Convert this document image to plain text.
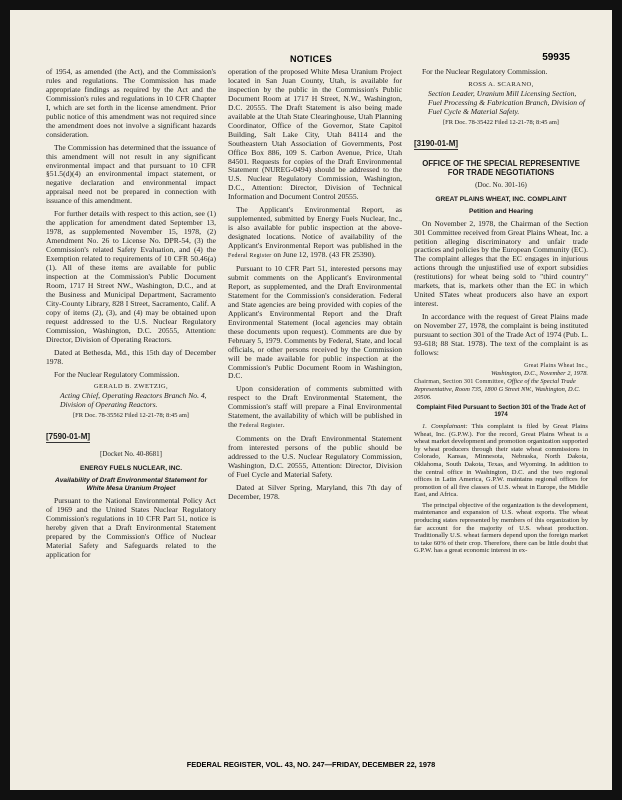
NOTICES	59935

of 1954, as amended (the Act), and the Commission's rules and regulations. The Commission has made appropriate findings as required by the Act and the Commission's rules and regulations in 10 CFR Chapter I, which are set forth in the license amendment. Prior public notice of this amendment was not required since the amendment does not involve a significant hazards consideration.

The Commission has determined that the issuance of this amendment will not result in any significant environmental impact and that pursuant to 10 CFR §51.5(d)(4) an environmental impact statement, or negative declaration and environmental impact appraisal need not be prepared in connection with issuance of this amendment.

For further details with respect to this action, see (1) the application for amendment dated September 13, 1978, as supplemented November 15, 1978, (2) Amendment No. 26 to License No. DPR-54, (3) the Commission's related Safety Evaluation, and (4) the Exemption related to requirements of 10 CFR 50.46(a)(1). All of these items are available for public inspection at the Commission's Public Document Room, 1717 H Street NW., Washington, D.C., and at the Business and Municipal Department, Sacramento City-County Library, 828 I Street, Sacramento, Calif. A copy of items (2), (3), and (4) may be obtained upon request addressed to the U.S. Nuclear Regulatory Commission, Washington, D.C. 20555, Attention: Director, Division of Operating Reactors.

Dated at Bethesda, Md., this 15th day of December 1978.

For the Nuclear Regulatory Commission.

GERALD B. ZWETZIG,
Acting Chief, Operating Reactors Branch No. 4, Division of Operating Reactors.
[FR Doc. 78-35562 Filed 12-21-78; 8:45 am]
[7590-01-M]
[Docket No. 40-8681]
ENERGY FUELS NUCLEAR, INC.
Availability of Draft Environmental Statement for White Mesa Uranium Project

Pursuant to the National Environmental Policy Act of 1969 and the United States Nuclear Regulatory Commission's regulations in 10 CFR Part 51, notice is hereby given that a Draft Environmental Statement prepared by the Commission's Office of Nuclear Material Safety and Safeguards related to the application for

operation of the proposed White Mesa Uranium Project located in San Juan County, Utah, is available for inspection by the public in the Commission's Public Document Room at 1717 H Street, N.W., Washington, D.C. 20555. The Draft Statement is also being made available at the Utah State Clearinghouse, Utah Planning Coordinator, Office of the Governor, State Capitol Building, Salt Lake City, Utah 84114 and the Southeastern Utah Association of Governments, Post Office Box 886, 109 S. Carbon Avenue, Price, Utah 84501. Requests for copies of the Draft Environmental Statement (NUREG-0494) should be addressed to the U.S. Nuclear Regulatory Commission, Washington, D.C., Attention: Director, Division of Technical Information and Document Control 20555.

The Applicant's Environmental Report, as supplemented, submitted by Energy Fuels Nuclear, Inc., is also available for public inspection at the above-designated locations. Notice of availability of the Applicant's Environmental Report was published in the Federal Register on June 12, 1978. (43 FR 25390).

Pursuant to 10 CFR Part 51, interested persons may submit comments on the Applicant's Environmental Report, as supplemented, and the Draft Environmental Statement for the Commission's consideration. Federal and State agencies are being provided with copies of the Applicant's Environmental Report and the Draft Environmental Statement (local agencies may obtain these documents upon request). Comments are due by February 5, 1979. Comments by Federal, State, and local officials, or other persons received by the Commission will be made available for public inspection at the Commission's Public Document Room in Washington, D.C.

Upon consideration of comments submitted with respect to the Draft Environmental Statement, the Commission's staff will prepare a Final Environmental Statement, the availability of which will be published in the Federal Register.

Comments on the Draft Environmental Statement from interested persons of the public should be addressed to the U.S. Nuclear Regulatory Commission, Washington, D.C. 20555, Attention: Director, Division of Fuel Cycle and Material Safety.

Dated at Silver Spring, Maryland, this 7th day of December, 1978.

For the Nuclear Regulatory Commission.

ROSS A. SCARANO,
Section Leader, Uranium Mill Licensing Section, Fuel Processing & Fabrication Branch, Division of Fuel Cycle & Material Safety.
[FR Doc. 78-35422 Filed 12-21-78; 8:45 am]
[3190-01-M]
OFFICE OF THE SPECIAL REPRESENTIVE FOR TRADE NEGOTIATIONS
(Doc. No. 301-16)
GREAT PLAINS WHEAT, INC. COMPLAINT
Petition and Hearing

On November 2, 1978, the Chairman of the Section 301 Committee received from Great Plains Wheat, Inc. a petition alleging discriminatory and unfair trade practices and policies by the European Community (EC). The complaint alleges that the EC engages in injurious actions through the unjustified use of export subsidies (restitutions) for wheat being sold to "third country" markets, that is, markets other than the EC in which United STates wheat producers also have an export interest.

In accordance with the request of Great Plains made on November 27, 1978, the complaint is being instituted pursuant to section 301 of the Trade Act of 1974 (Pub. L. 93-618; 88 Stat. 1978). The text of the complaint is as follows:

Great Plains Wheat Inc.,
Washington, D.C., November 2, 1978.
Chairman, Section 301 Committee, Office of the Special Trade Representative, Room 735, 1800 G Street NW., Washington, D.C. 20506.
Complaint Filed Pursuant to Section 301 of the Trade Act of 1974

1. Complainant: This complaint is filed by Great Plains Wheat, Inc. (G.P.W.). For the record, Great Plains Wheat is a wheat market development and promotion organization supported by wheat producers through their state wheat commissions in Colorado, Kansas, Minnesota, Nebraska, North Dakota, Oklahoma, South Dakota, Texas, and Wyoming. In addition to the central office in Washington, D.C. and the two regional offices in Latin America, G.P.W. maintains regional offices for promotion of all five classes of U.S. wheat in Europe, the Middle East, and Africa.

The principal objective of the organization is the development, maintenance and expansion of U.S. wheat exports. The wheat producing states represented by members of this organization by far account for the majority of U.S. wheat production. Traditionally U.S. wheat farmers depend upon the foreign market to take 60% of their crop. Therefore, there can be little doubt that G.P.W. has a great economic interest in ex-

FEDERAL REGISTER, VOL. 43, NO. 247—FRIDAY, DECEMBER 22, 1978
